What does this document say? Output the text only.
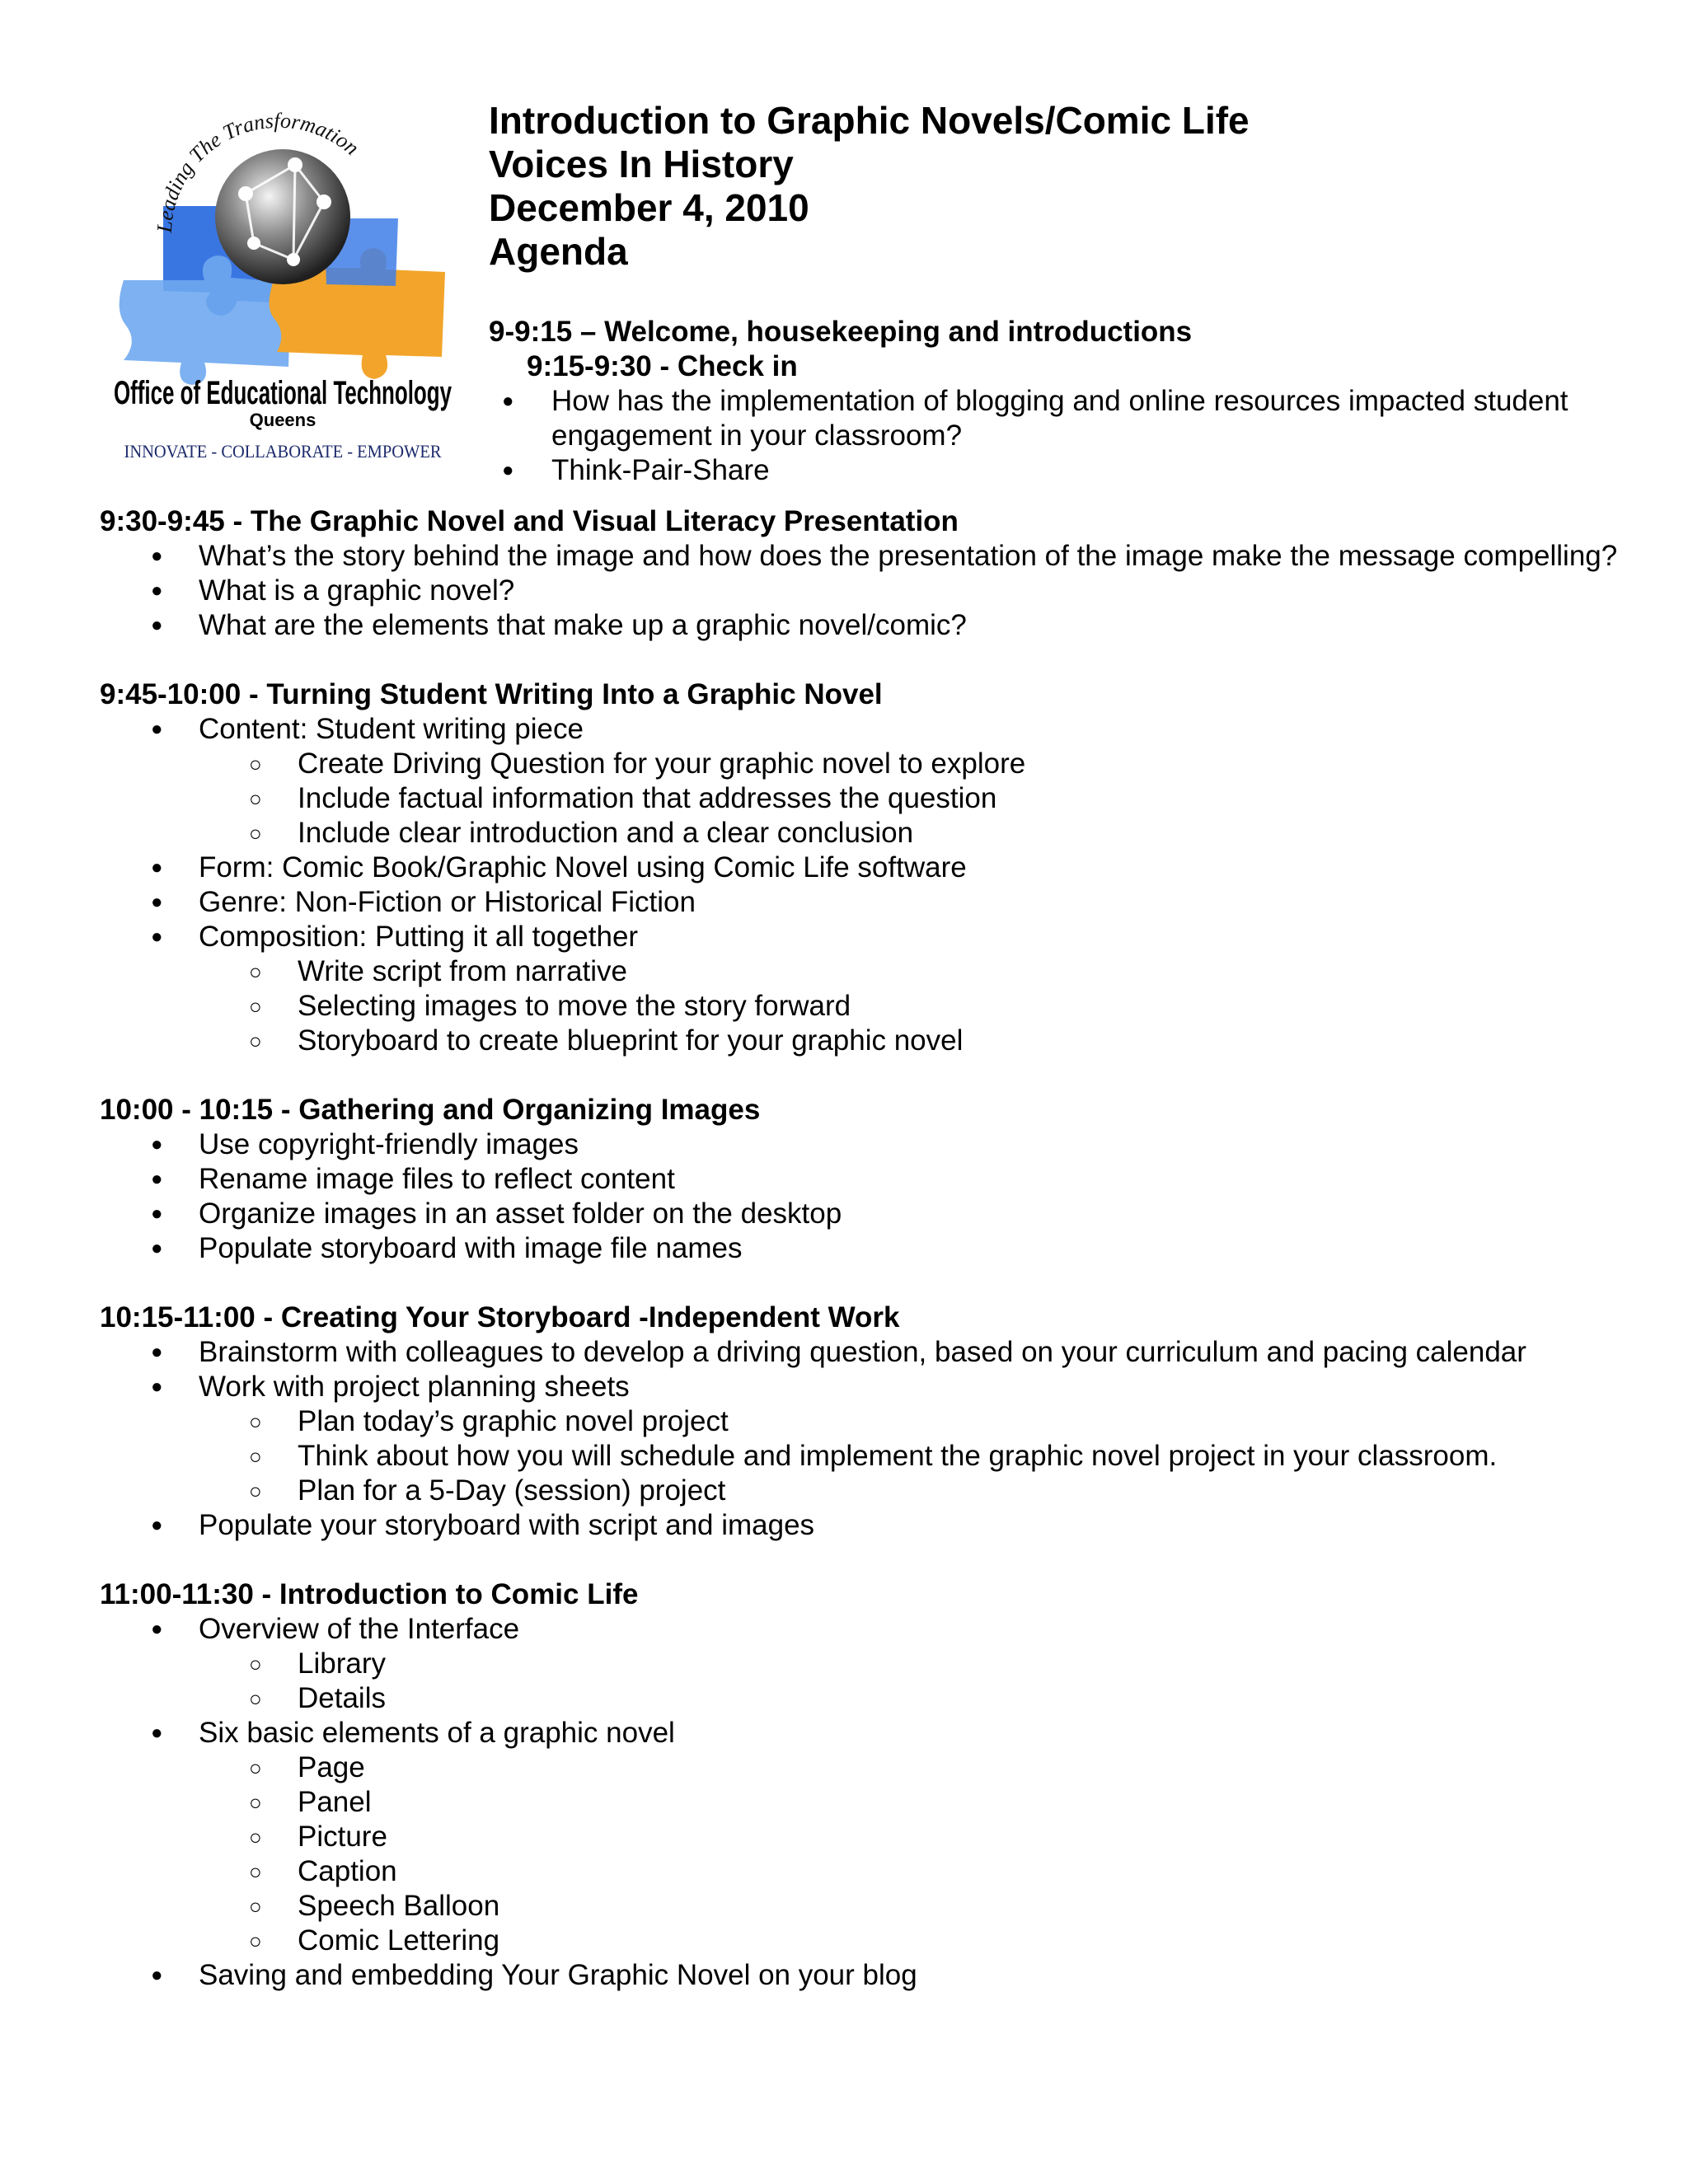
Leading The Transformation
Office of Educational Technology
Queens
INNOVATE - COLLABORATE - EMPOWER
Introduction to Graphic Novels/Comic Life
Voices In History
December 4, 2010
Agenda
9-9:15 – Welcome, housekeeping and introductions
9:15-9:30 - Check in
● How has the implementation of blogging and online resources impacted student engagement in your classroom?
● Think-Pair-Share
9:30-9:45 - The Graphic Novel and Visual Literacy Presentation
● What’s the story behind the image and how does the presentation of the image make the message compelling?
● What is a graphic novel?
● What are the elements that make up a graphic novel/comic?
9:45-10:00 - Turning Student Writing Into a Graphic Novel
● Content: Student writing piece
○ Create Driving Question for your graphic novel to explore
○ Include factual information that addresses the question
○ Include clear introduction and a clear conclusion
● Form: Comic Book/Graphic Novel using Comic Life software
● Genre: Non-Fiction or Historical Fiction
● Composition: Putting it all together
○ Write script from narrative
○ Selecting images to move the story forward
○ Storyboard to create blueprint for your graphic novel
10:00 - 10:15 - Gathering and Organizing Images
● Use copyright-friendly images
● Rename image files to reflect content
● Organize images in an asset folder on the desktop
● Populate storyboard with image file names
10:15-11:00 - Creating Your Storyboard -Independent Work
● Brainstorm with colleagues to develop a driving question, based on your curriculum and pacing calendar
● Work with project planning sheets
○ Plan today’s graphic novel project
○ Think about how you will schedule and implement the graphic novel project in your classroom.
○ Plan for a 5-Day (session) project
● Populate your storyboard with script and images
11:00-11:30 - Introduction to Comic Life
● Overview of the Interface
○ Library
○ Details
● Six basic elements of a graphic novel
○ Page
○ Panel
○ Picture
○ Caption
○ Speech Balloon
○ Comic Lettering
● Saving and embedding Your Graphic Novel on your blog
